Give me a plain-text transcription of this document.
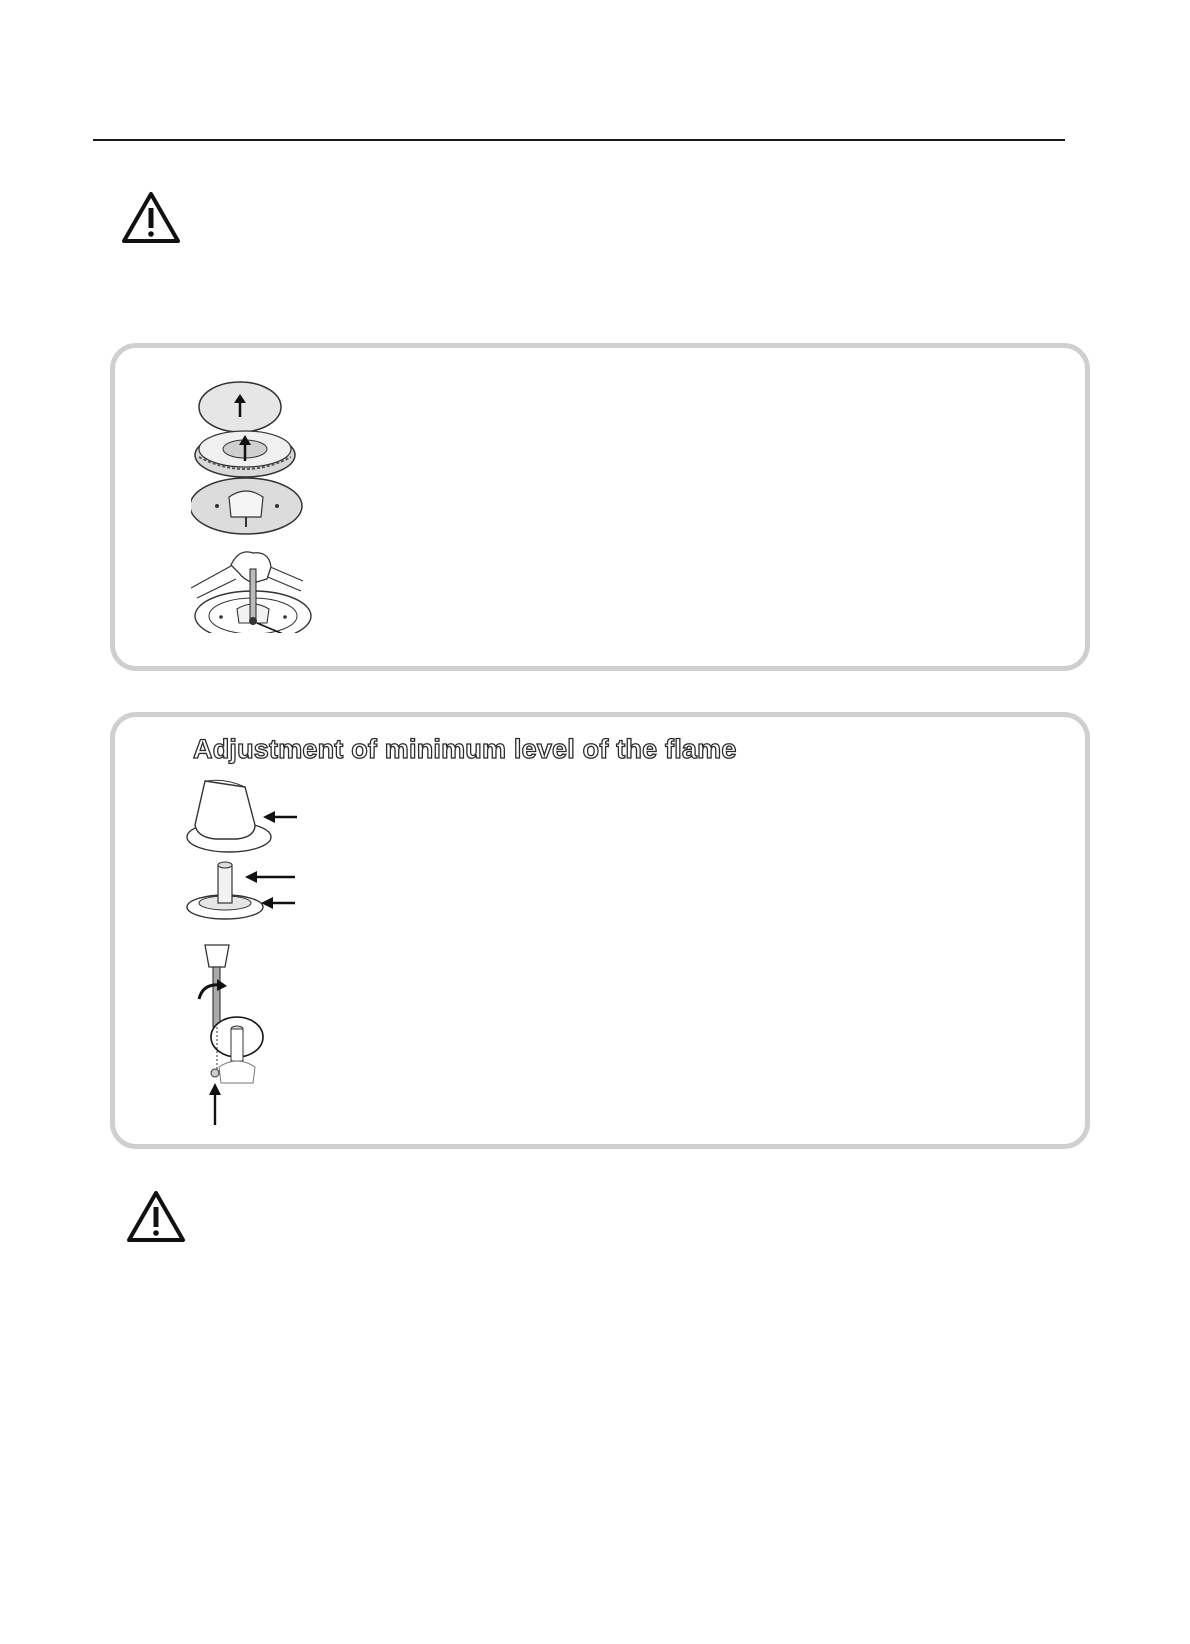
Adjustment of minimum level of the flame
